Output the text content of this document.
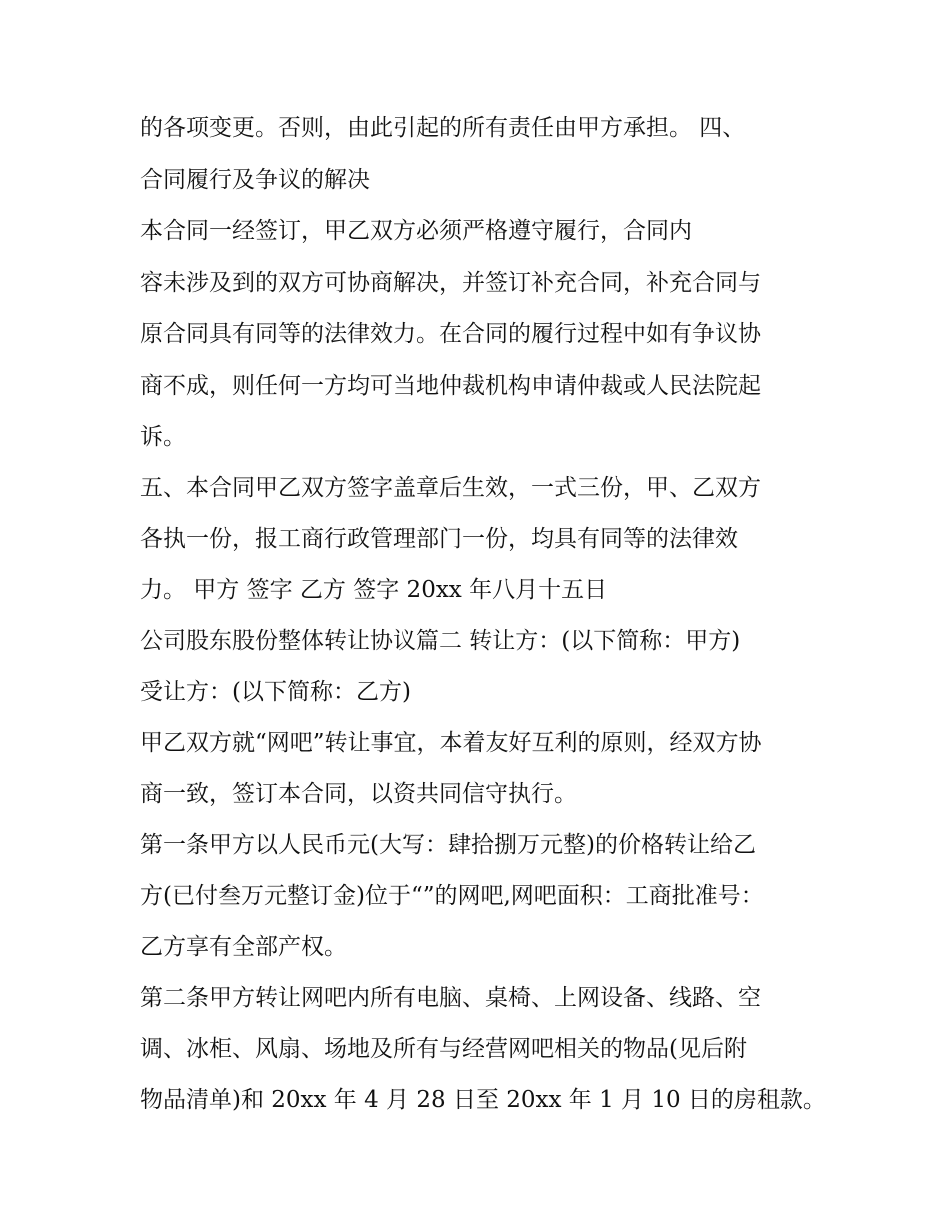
的各项变更。否则，由此引起的所有责任由甲方承担。 四、
合同履行及争议的解决
本合同一经签订，甲乙双方必须严格遵守履行，合同内
容未涉及到的双方可协商解决，并签订补充合同，补充合同与
原合同具有同等的法律效力。在合同的履行过程中如有争议协
商不成，则任何一方均可当地仲裁机构申请仲裁或人民法院起
诉。
五、本合同甲乙双方签字盖章后生效，一式三份，甲、乙双方
各执一份，报工商行政管理部门一份，均具有同等的法律效
力。 甲方 签字 乙方 签字 20xx 年八月十五日
公司股东股份整体转让协议篇二 转让方：(以下简称：甲方)
受让方：(以下简称：乙方)
甲乙双方就“网吧”转让事宜，本着友好互利的原则，经双方协
商一致，签订本合同，以资共同信守执行。
第一条甲方以人民币元(大写：肆拾捌万元整)的价格转让给乙
方(已付叁万元整订金)位于“”的网吧,网吧面积：工商批准号：
乙方享有全部产权。
第二条甲方转让网吧内所有电脑、桌椅、上网设备、线路、空
调、冰柜、风扇、场地及所有与经营网吧相关的物品(见后附
物品清单)和 20xx 年 4 月 28 日至 20xx 年 1 月 10 日的房租款。
